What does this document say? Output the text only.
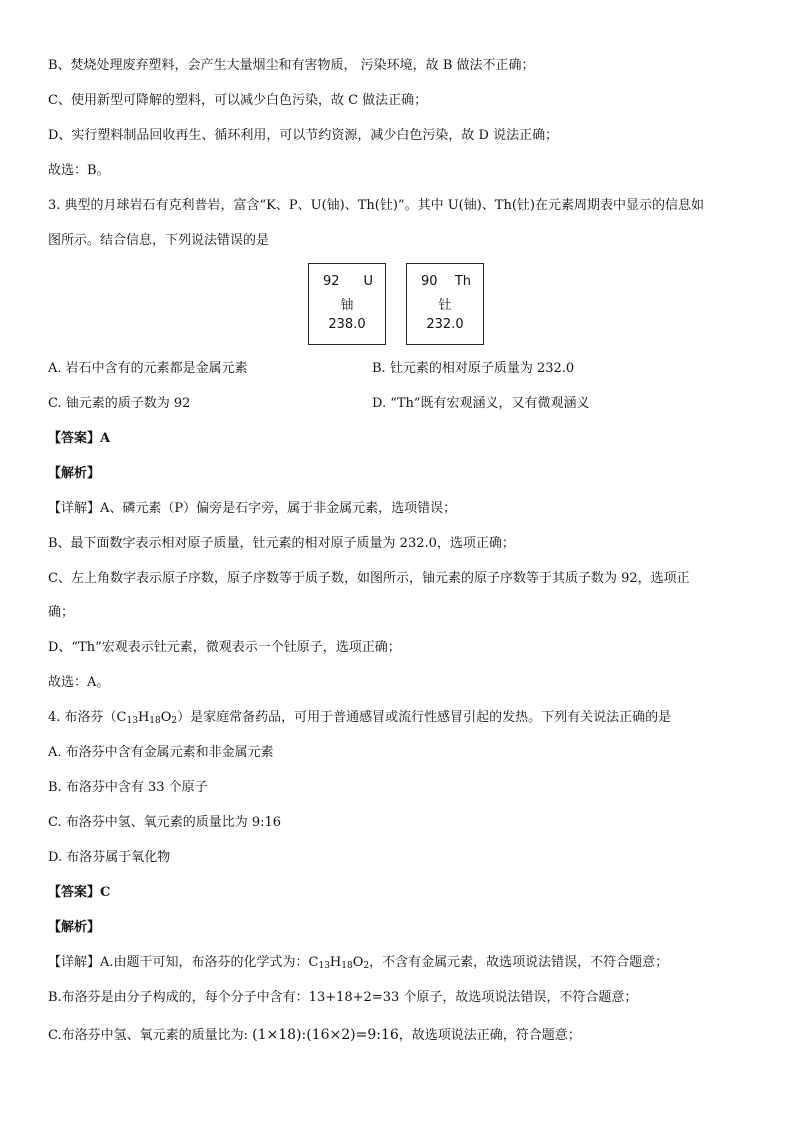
B、焚烧处理废弃塑料，会产生大量烟尘和有害物质， 污染环境，故 B 做法不正确；
C、使用新型可降解的塑料，可以减少白色污染，故 C 做法正确；
D、实行塑料制品回收再生、循环利用，可以节约资源，减少白色污染，故 D 说法正确；
故选：B。
3. 典型的月球岩石有克利普岩，富含“K、P、U(铀)、Th(钍)”。其中 U(铀)、Th(钍)在元素周期表中显示的信息如
图所示。结合信息，下列说法错误的是
92 U
铀
238.0
90 Th
钍
232.0
A. 岩石中含有的元素都是金属元素	B. 钍元素的相对原子质量为 232.0
C. 铀元素的质子数为 92	D. “Th”既有宏观涵义，又有微观涵义
【答案】A
【解析】
【详解】A、磷元素（P）偏旁是石字旁，属于非金属元素，选项错误；
B、最下面数字表示相对原子质量，钍元素的相对原子质量为 232.0，选项正确；
C、左上角数字表示原子序数，原子序数等于质子数，如图所示，铀元素的原子序数等于其质子数为 92，选项正
确；
D、“Th”宏观表示钍元素，微观表示一个钍原子，选项正确；
故选：A。
4. 布洛芬$(C_{13}H_{18}O_2)$是家庭常备药品，可用于普通感冒或流行性感冒引起的发热。下列有关说法正确的是
A. 布洛芬中含有金属元素和非金属元素
B. 布洛芬中含有 33 个原子
C. 布洛芬中氢、氧元素的质量比为 9:16
D. 布洛芬属于氧化物
【答案】C
【解析】
【详解】A.由题干可知，布洛芬的化学式为：$C_{13}H_{18}O_2$，不含有金属元素，故选项说法错误，不符合题意；
B.布洛芬是由分子构成的，每个分子中含有：13+18+2=33 个原子，故选项说法错误，不符合题意；
C.布洛芬中氢、氧元素的质量比为: (1×18):(16×2)=9:16，故选项说法正确，符合题意；
